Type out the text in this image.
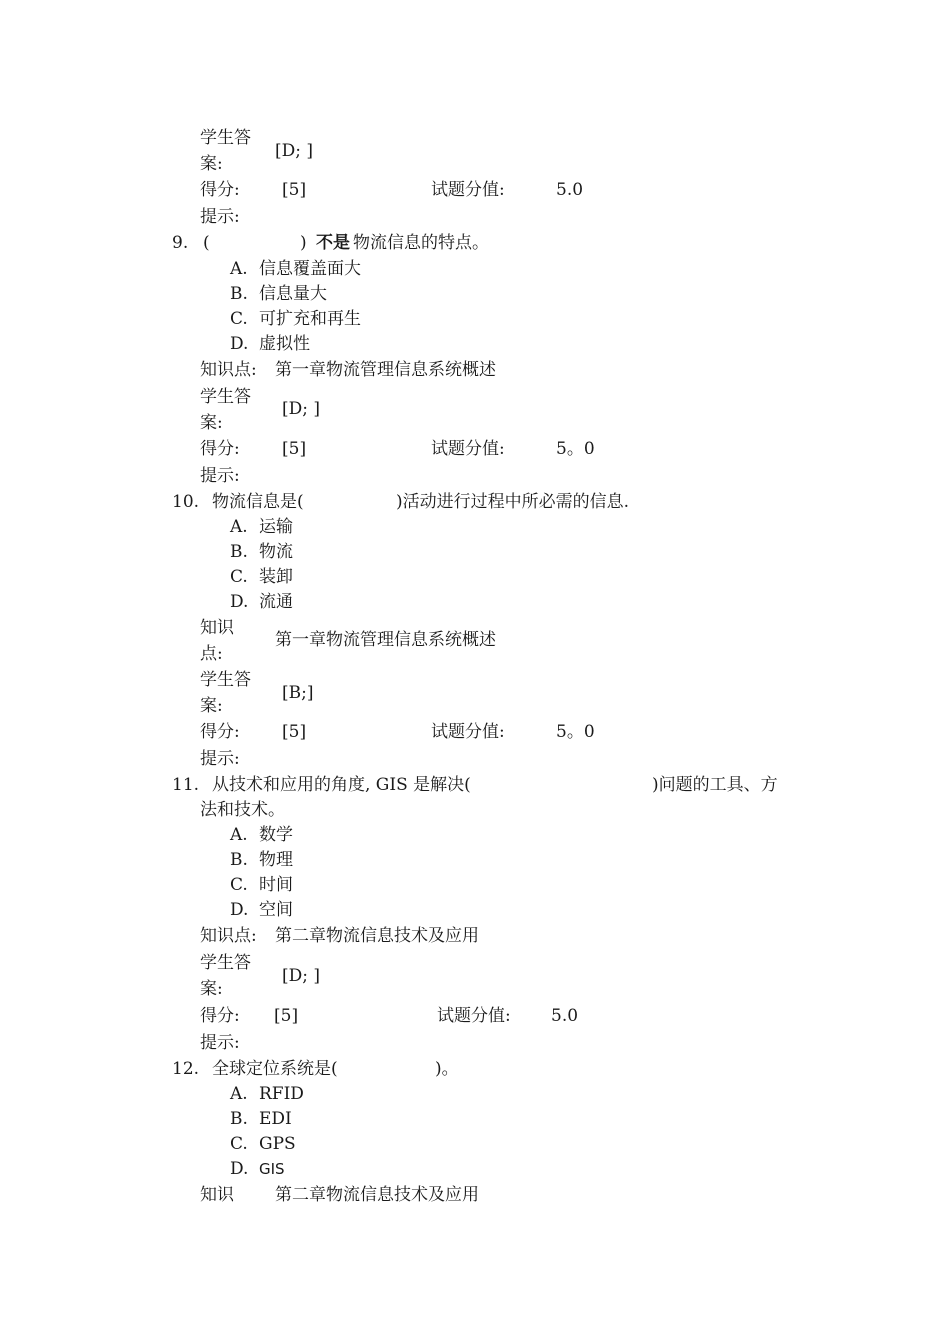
学生答
案:
[D; ]
得分: [5]	试题分值:	5.0
提示:
9. (	) 不是 物流信息的特点。
A. 信息覆盖面大
B. 信息量大
C. 可扩充和再生
D. 虚拟性
知识点: 第一章物流管理信息系统概述
学生答
案:
[D; ]
得分: [5]	试题分值:	5。0
提示:
10. 物流信息是(	)活动进行过程中所必需的信息.
A. 运输
B. 物流
C. 装卸
D. 流通
知识
点:
第一章物流管理信息系统概述
学生答
案:
[B;]
得分: [5]	试题分值:	5。0
提示:
11. 从技术和应用的角度, GIS 是解决(	)问题的工具、方
法和技术。
A. 数学
B. 物理
C. 时间
D. 空间
知识点: 第二章物流信息技术及应用
学生答
案:
[D; ]
得分: [5]	试题分值: 5.0
提示:
12. 全球定位系统是(	)。
A. RFID
B. EDI
C. GPS
D. GIS
知识 第二章物流信息技术及应用
